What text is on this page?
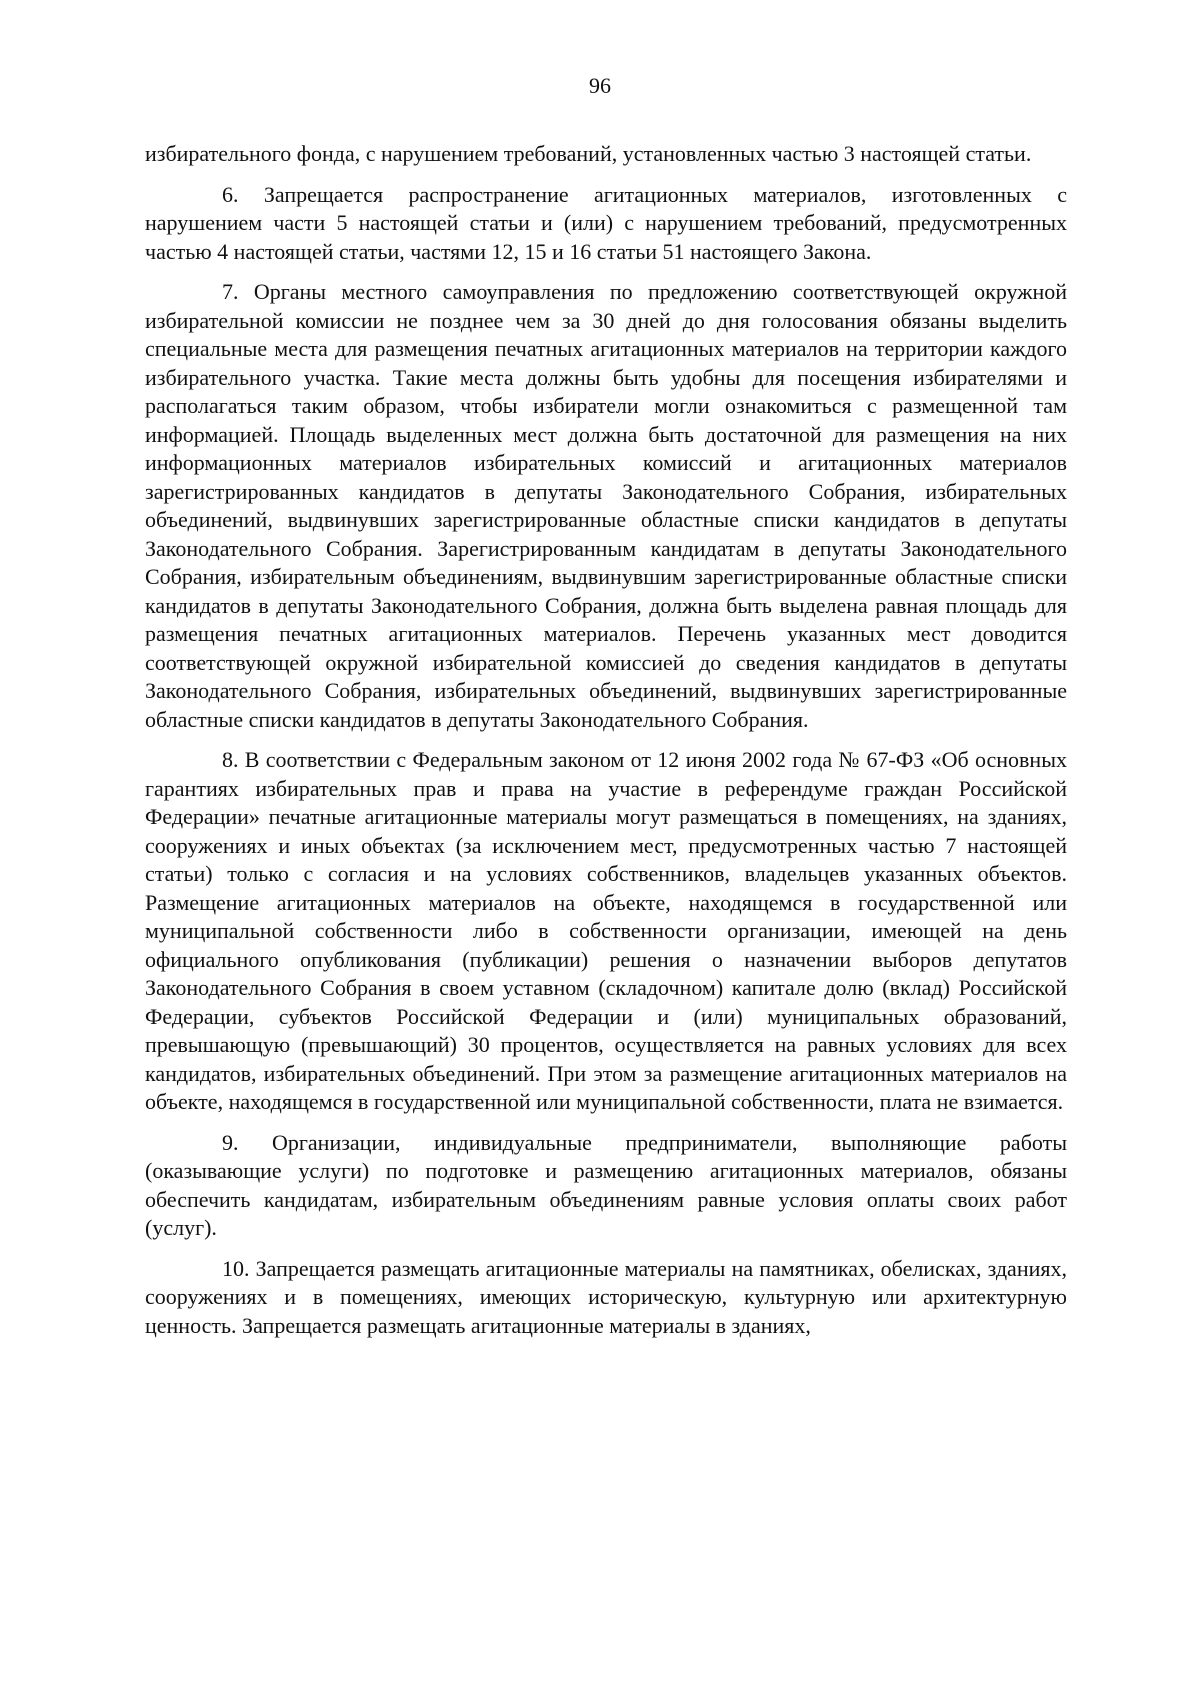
96

избирательного фонда, с нарушением требований, установленных частью 3 настоящей статьи.

6. Запрещается распространение агитационных материалов, изготовленных с нарушением части 5 настоящей статьи и (или) с нарушением требований, предусмотренных частью 4 настоящей статьи, частями 12, 15 и 16 статьи 51 настоящего Закона.

7. Органы местного самоуправления по предложению соответствующей окружной избирательной комиссии не позднее чем за 30 дней до дня голосования обязаны выделить специальные места для размещения печатных агитационных материалов на территории каждого избирательного участка. Такие места должны быть удобны для посещения избирателями и располагаться таким образом, чтобы избиратели могли ознакомиться с размещенной там информацией. Площадь выделенных мест должна быть достаточной для размещения на них информационных материалов избирательных комиссий и агитационных материалов зарегистрированных кандидатов в депутаты Законодательного Собрания, избирательных объединений, выдвинувших зарегистрированные областные списки кандидатов в депутаты Законодательного Собрания. Зарегистрированным кандидатам в депутаты Законодательного Собрания, избирательным объединениям, выдвинувшим зарегистрированные областные списки кандидатов в депутаты Законодательного Собрания, должна быть выделена равная площадь для размещения печатных агитационных материалов. Перечень указанных мест доводится соответствующей окружной избирательной комиссией до сведения кандидатов в депутаты Законодательного Собрания, избирательных объединений, выдвинувших зарегистрированные областные списки кандидатов в депутаты Законодательного Собрания.

8. В соответствии с Федеральным законом от 12 июня 2002 года № 67-ФЗ «Об основных гарантиях избирательных прав и права на участие в референдуме граждан Российской Федерации» печатные агитационные материалы могут размещаться в помещениях, на зданиях, сооружениях и иных объектах (за исключением мест, предусмотренных частью 7 настоящей статьи) только с согласия и на условиях собственников, владельцев указанных объектов. Размещение агитационных материалов на объекте, находящемся в государственной или муниципальной собственности либо в собственности организации, имеющей на день официального опубликования (публикации) решения о назначении выборов депутатов Законодательного Собрания в своем уставном (складочном) капитале долю (вклад) Российской Федерации, субъектов Российской Федерации и (или) муниципальных образований, превышающую (превышающий) 30 процентов, осуществляется на равных условиях для всех кандидатов, избирательных объединений. При этом за размещение агитационных материалов на объекте, находящемся в государственной или муниципальной собственности, плата не взимается.

9. Организации, индивидуальные предприниматели, выполняющие работы (оказывающие услуги) по подготовке и размещению агитационных материалов, обязаны обеспечить кандидатам, избирательным объединениям равные условия оплаты своих работ (услуг).

10. Запрещается размещать агитационные материалы на памятниках, обелисках, зданиях, сооружениях и в помещениях, имеющих историческую, культурную или архитектурную ценность. Запрещается размещать агитационные материалы в зданиях,
